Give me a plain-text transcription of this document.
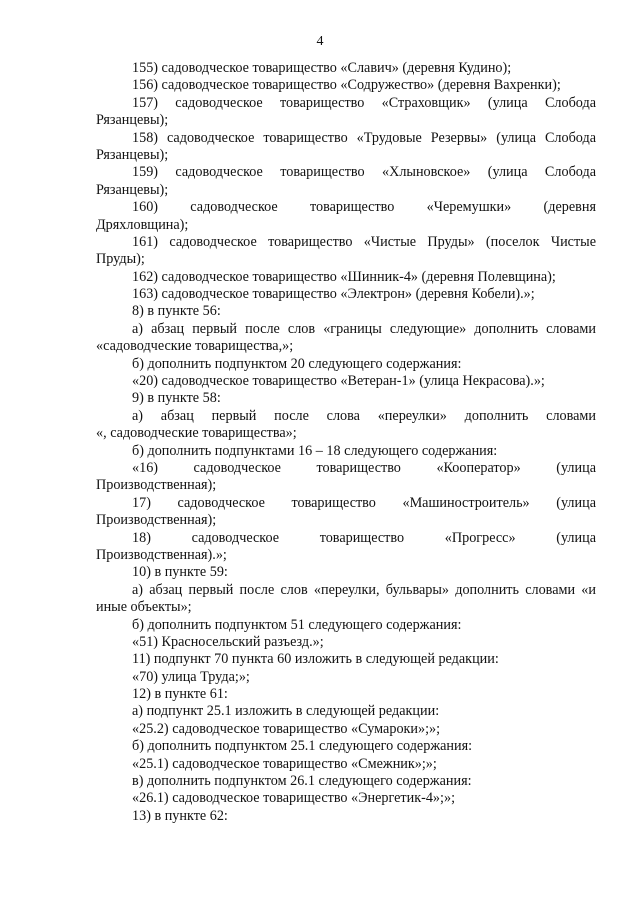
4
155) садоводческое товарищество «Славич» (деревня Кудино);
156) садоводческое товарищество «Содружество» (деревня Вахренки);
157) садоводческое товарищество «Страховщик» (улица Слобода
Рязанцевы);
158) садоводческое товарищество «Трудовые Резервы» (улица Слобода
Рязанцевы);
159) садоводческое товарищество «Хлыновское» (улица Слобода
Рязанцевы);
160) садоводческое товарищество «Черемушки» (деревня
Дряхловщина);
161) садоводческое товарищество «Чистые Пруды» (поселок Чистые
Пруды);
162) садоводческое товарищество «Шинник-4» (деревня Полевщина);
163) садоводческое товарищество «Электрон» (деревня Кобели).»;
8) в пункте 56:
а) абзац первый после слов «границы следующие» дополнить словами
«садоводческие товарищества,»;
б) дополнить подпунктом 20 следующего содержания:
«20) садоводческое товарищество «Ветеран-1» (улица Некрасова).»;
9) в пункте 58:
а) абзац первый после слова «переулки» дополнить словами
«, садоводческие товарищества»;
б) дополнить подпунктами 16 – 18 следующего содержания:
«16) садоводческое товарищество «Кооператор» (улица
Производственная);
17) садоводческое товарищество «Машиностроитель» (улица
Производственная);
18) садоводческое товарищество «Прогресс» (улица
Производственная).»;
10) в пункте 59:
а) абзац первый после слов «переулки, бульвары» дополнить словами «и
иные объекты»;
б) дополнить подпунктом 51 следующего содержания:
«51) Красносельский разъезд.»;
11) подпункт 70 пункта 60 изложить в следующей редакции:
«70) улица Труда;»;
12) в пункте 61:
а) подпункт 25.1 изложить в следующей редакции:
«25.2) садоводческое товарищество «Сумароки»;»;
б) дополнить подпунктом 25.1 следующего содержания:
«25.1) садоводческое товарищество «Смежник»;»;
в) дополнить подпунктом 26.1 следующего содержания:
«26.1) садоводческое товарищество «Энергетик-4»;»;
13) в пункте 62:
